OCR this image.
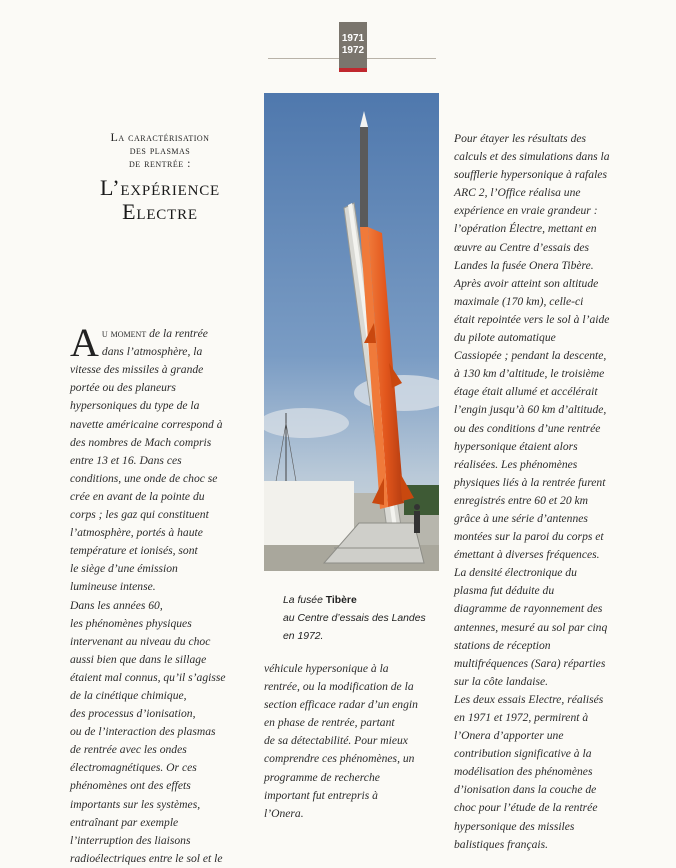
1971
1972
La caractérisation
des plasmas
de rentrée :
L’expérience
Electre

Au moment de la rentrée
dans l’atmosphère, la
vitesse des missiles à grande
portée ou des planeurs
hypersoniques du type de la
navette américaine correspond à
des nombres de Mach compris
entre 13 et 16. Dans ces
conditions, une onde de choc se
crée en avant de la pointe du
corps ; les gaz qui constituent
l’atmosphère, portés à haute
température et ionisés, sont
le siège d’une émission
lumineuse intense.
Dans les années 60,
les phénomènes physiques
intervenant au niveau du choc
aussi bien que dans le sillage
étaient mal connus, qu’il s’agisse
de la cinétique chimique,
des processus d’ionisation,
ou de l’interaction des plasmas
de rentrée avec les ondes
électromagnétiques. Or ces
phénomènes ont des effets
importants sur les systèmes,
entraînant par exemple
l’interruption des liaisons
radioélectriques entre le sol et le

La fusée Tibère
au Centre d’essais des Landes
en 1972.
véhicule hypersonique à la
rentrée, ou la modification de la
section efficace radar d’un engin
en phase de rentrée, partant
de sa détectabilité. Pour mieux
comprendre ces phénomènes, un
programme de recherche
important fut entrepris à
l’Onera.
Pour étayer les résultats des
calculs et des simulations dans la
soufflerie hypersonique à rafales
ARC 2, l’Office réalisa une
expérience en vraie grandeur :
l’opération Électre, mettant en
œuvre au Centre d’essais des
Landes la fusée Onera Tibère.
Après avoir atteint son altitude
maximale (170 km), celle-ci
était repointée vers le sol à l’aide
du pilote automatique
Cassiopée ; pendant la descente,
à 130 km d’altitude, le troisième
étage était allumé et accélérait
l’engin jusqu’à 60 km d’altitude,
ou des conditions d’une rentrée
hypersonique étaient alors
réalisées. Les phénomènes
physiques liés à la rentrée furent
enregistrés entre 60 et 20 km
grâce à une série d’antennes
montées sur la paroi du corps et
émettant à diverses fréquences.
La densité électronique du
plasma fut déduite du
diagramme de rayonnement des
antennes, mesuré au sol par cinq
stations de réception
multifréquences (Sara) réparties
sur la côte landaise.
Les deux essais Electre, réalisés
en 1971 et 1972, permirent à
l’Onera d’apporter une
contribution significative à la
modélisation des phénomènes
d’ionisation dans la couche de
choc pour l’étude de la rentrée
hypersonique des missiles
balistiques français.
